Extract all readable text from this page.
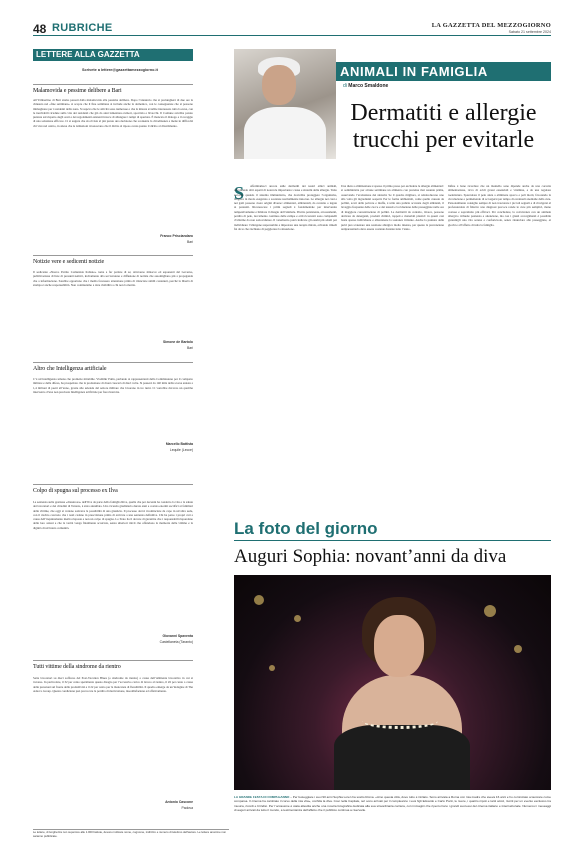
48 RUBRICHE	LA GAZZETTA DEL MEZZOGIORNO
Sabato 21 settembre 2024
LETTERE ALLA GAZZETTA
Scrivete a lettere@gazzettamezzogiorno.it
Malamovida e pessime delibere a Bari
All’Umbertino di Bari siamo passati dalla malamovida alla pessima delibera. Dopo l’annuncio che si prolungherà di due ore la chiusura nel «fine settimana» si scopre che il fine settimana si include anche la domenica, con le conseguenze che si possono immaginare per i residenti della zona. Si sapeva che le attività sono numerose e che la misura avrebbe interessato tutta la zona, con le inevitabili ricadute sulla vita dei residenti che già da anni lamentano rumori, sporcizia e bivacchi. Il Comune avrebbe potuto puntare sul rispetto degli orari e dei regolamenti esistenti invece di allungare i tempi di apertura. È mancato il dialogo e il coraggio di una soluzione efficace. Ci si augura che sia rivista al più presto una decisione che scontenta la cittadinanza e mette in difficoltà chi vive nel centro, in attesa che le istituzioni riconoscano che il diritto al riposo conta quanto il diritto al divertimento.
Franco Prisciandaro
Bari
Notizie vere e sedicenti notizie
Il sedicente «Nuovo Partito Comunista Italiano» torna a far parlare di sé, attraverso minacce ed esponenti del Governo, pubblicazione di liste di presunti nemici, incitamento alla sovversione e diffusione di notizie che assomigliano più a propaganda che a informazione. Sarebbe opportuno che i media facessero attenzione prima di rilanciare simili contenuti, perché la libertà di stampa è anche responsabilità. Non continuiamo a dare visibilità a chi non la merita.
Simone de Bartolo
Bari
Altro che Intelligenza artificiale
C’è un’intelligenza umana che promette mirabilie. Vladimir Putin, parlando ai rappresentanti della Commissione per il comparto militare e della difesa, ha prospettato che la produzione di droni crescerà di dieci volte. Si passerà da 140 mila della scorsa annata a 1,4 milioni di pezzi all’anno, grazie alle aziende del settore militare che lavorano in tre turni. Ci vorrebbe davvero un qualche intervento d’una non precisata Intelligenza artificiale per fare rinsavire.
Marcello Battista
Lequile (Lecce)
Colpo di spugna sul processo ex Ilva
La sentenza sulla gestione «disastrosa» dell’Ilva da parte della famiglia Riva, quella che per decenni ha condotto la vita e la salute dei lavoratori e dei cittadini di Taranto, è stata annullata. Una vicenda giudiziaria durata anni e costata enormi sacrifici ai familiari delle vittime, che oggi si vedono sottrarre la possibilità di una giustizia. Il processo dovrà ricominciare da capo in un’altra sede, con il rischio concreto che i reati cadano in prescrizione prima di arrivare a una sentenza definitiva. Chi ha perso i propri cari a causa dell’inquinamento merita risposte e non un colpo di spugna. Lo Stato ha il dovere di garantire che i responsabili rispondano delle loro azioni e che la verità venga finalmente accertata, senza ulteriori rinvii che offendono la memoria delle vittime e la dignità di un’intera comunità.
Giovanni Spaventa
Castellaneta (Taranto)
Tutti vittime della sindrome da rientro
Sette lavoratori su dieci soffrono del Post-Vacation Blues (o sindrome da rientro) a causa dell’ambiente lavorativo in cui si trovano. In particolare, il 32 per cento sperimenta questo disagio per l’eccessivo carico di lavoro al rientro, il 26 per cento a causa delle pressioni sul fronte della produttività e il 22 per cento per la mancanza di flessibilità. Il quadro emerge da un’indagine di The Adecco Group. Questa condizione può provocare la perdita di motivazione, insoddisfazione ed affaticamento.
Antonio Cascone
Padova
Le lettere, di lunghezza non superiore alle 1.000 battute, devono indicare nome, cognome, indirizzo e numero di telefono dell’autore. Le lettere anonime non saranno pubblicate.
ANIMALI IN FAMIGLIA
di Marco Smaldone
Dermatiti e allergie trucchi per evitarle
S	offermiamoci ancora sulle dermatiti dei nostri amici animali, affrontando altri aspetti di notevole importanza: cause e sintomi delle allergie. Tutto succede quando il sistema immunitario, che dovrebbe proteggere l’organismo, reagisce in modo esagerato a sostanze normalmente innocue. Le allergie nei cani e nei gatti possono avere origini diverse: alimentari, ambientali, da contatto o legate ai parassiti. Riconoscere i primi segnali è fondamentale per intervenire tempestivamente e limitare il disagio dell’animale. Prurito persistente, arrossamenti, perdita di pelo, leccamento continuo delle zampe e otiti ricorrenti sono campanelli d’allarme da non sottovalutare. Il veterinario potrà indicare gli esami più adatti per individuare l’allergene responsabile e impostare una terapia mirata, evitando rimedi fai da te che rischiano di peggiorare la situazione.
Una dieta a eliminazione è spesso il primo passo per escludere le allergie alimentari: si somministra per alcune settimane un alimento con proteine mai assunte prima, osservando l’evoluzione dei sintomi. Se il quadro migliora, si reintroducono uno alla volta gli ingredienti sospetti. Per le forme ambientali, come quelle causate da pollini, acari della polvere e muffe, è utile una pulizia accurata degli ambienti, il lavaggio frequente delle cucce e dei tessuti e la riduzione delle passeggiate nelle ore di maggiore concentrazione di pollini. Le dermatiti da contatto, invece, possono derivare da detergenti, prodotti chimici, tappeti o materiali plastici: in questi casi basta spesso individuare e allontanare la sostanza irritante. Anche la puntura delle pulci può scatenare una reazione allergica molto intensa, per questo la prevenzione antiparassitaria deve essere costante durante tutto l’anno.
Infine è bene ricordare che un mantello sano dipende anche da una corretta alimentazione, ricca di acidi grassi essenziali e vitamine, e da una regolare toelettatura. Spazzolare il pelo aiuta a eliminare sporco e peli morti, favorendo la circolazione e permettendo di accorgersi per tempo di eventuali anomalie della cute. Personalmente consiglio sempre di non trascurare i piccoli segnali e di rivolgersi al professionista di fiducia: una diagnosi precoce rende le cure più semplici, meno costose e soprattutto più efficaci. Per concludere, la convivenza con un animale allergico richiede pazienza e attenzione, ma con i giusti accorgimenti è possibile garantirgli una vita serena e confortevole, senza rinunciare alle passeggiate, ai giochi e all’affetto di tutta la famiglia.
La foto del giorno
Auguri Sophia: novant’anni da diva
LA GRANDE FESTA DI COMPLEANNO – Per festeggiare i suoi 90 anni Sophia Loren ha scelto Roma. «Amo questa città, dove tutto è iniziato. Sono arrivata a Roma con mia madre che aveva 16 anni e ho cominciato a lavorare come comparsa. Il cinema ha cambiato il corso della mia vita», confida la diva. Così nella Capitale, ieri sono arrivati per il compleanno i suoi figli Edoardo e Carlo Ponti, le nuore, i quattro nipoti e tanti amici, riuniti per un evento esclusivo tra musica, ricordi e brindisi. Per l’occasione è stata allestita anche una mostra fotografica dedicata alla sua straordinaria carriera, con immagini che ripercorrono i grandi successi del cinema italiano e internazionale. Numerosi i messaggi di auguri arrivati da tutto il mondo, a testimonianza dell’affetto che il pubblico continua a riservarle.
